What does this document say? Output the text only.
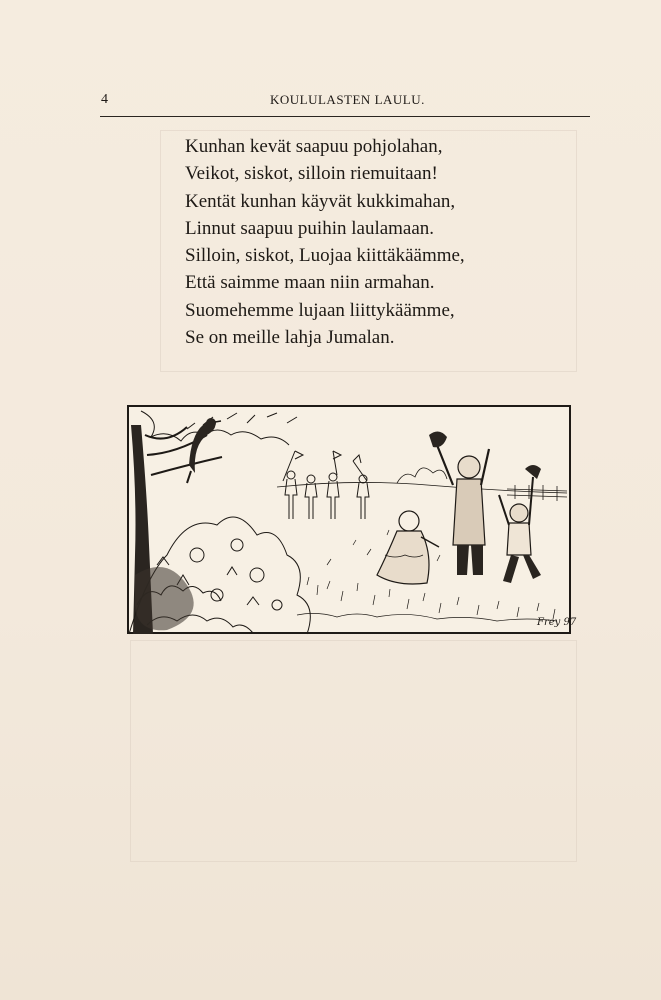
4	KOULULASTEN LAULU.
Kunhan kevät saapuu pohjolahan,
Veikot, siskot, silloin riemuitaan!
Kentät kunhan käyvät kukkimahan,
Linnut saapuu puihin laulamaan.
Silloin, siskot, Luojaa kiittäkäämme,
Että saimme maan niin armahan.
Suomehemme lujaan liittykäämme,
Se on meille lahja Jumalan.
Frey 97
